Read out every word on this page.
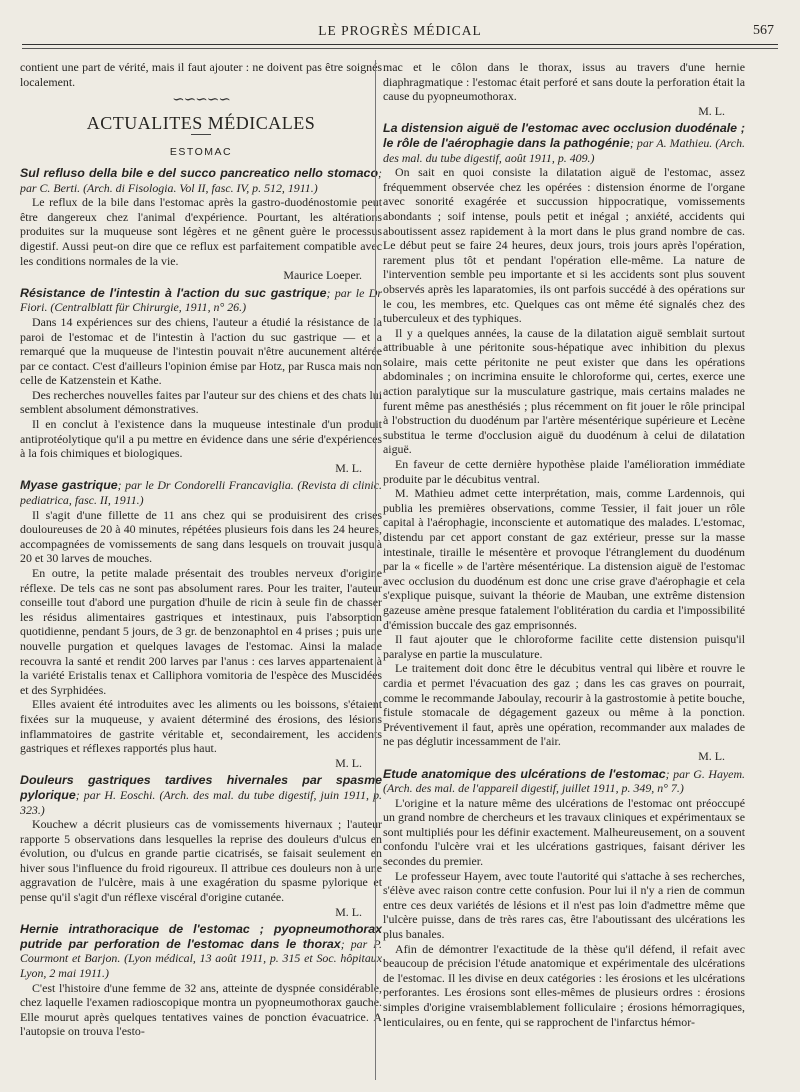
LE PROGRÈS MÉDICAL	567

contient une part de vérité, mais il faut ajouter : ne doivent pas être soignés localement.

∽∽∽∽∽
ACTUALITES MÉDICALES
ESTOMAC

Sul refluso della bile e del succo pancreatico nello stomaco; par C. Berti. (Arch. di Fisologia. Vol II, fasc. IV, p. 512, 1911.)

Le reflux de la bile dans l'estomac après la gastro-duodénostomie peut être dangereux chez l'animal d'expérience. Pourtant, les altérations produites sur la muqueuse sont légères et ne gênent guère le processus digestif. Aussi peut-on dire que ce reflux est parfaitement compatible avec les conditions normales de la vie.

Maurice Loeper.

Résistance de l'intestin à l'action du suc gastrique; par le Dr Fiori. (Centralblatt für Chirurgie, 1911, n° 26.)

Dans 14 expériences sur des chiens, l'auteur a étudié la résistance de la paroi de l'estomac et de l'intestin à l'action du suc gastrique — et a remarqué que la muqueuse de l'intestin pouvait n'être aucunement altérée par ce contact. C'est d'ailleurs l'opinion émise par Hotz, par Rusca mais non celle de Katzenstein et Kathe.

Des recherches nouvelles faites par l'auteur sur des chiens et des chats lui semblent absolument démonstratives.

Il en conclut à l'existence dans la muqueuse intestinale d'un produit antiprotéolytique qu'il a pu mettre en évidence dans une série d'expériences à la fois chimiques et biologiques.

M. L.

Myase gastrique; par le Dr Condorelli Francaviglia. (Revista di clinic. pediatrica, fasc. II, 1911.)

Il s'agit d'une fillette de 11 ans chez qui se produisirent des crises douloureuses de 20 à 40 minutes, répétées plusieurs fois dans les 24 heures, accompagnées de vomissements de sang dans lesquels on trouvait jusqu'à 20 et 30 larves de mouches.

En outre, la petite malade présentait des troubles nerveux d'origine réflexe. De tels cas ne sont pas absolument rares. Pour les traiter, l'auteur conseille tout d'abord une purgation d'huile de ricin à seule fin de chasser les résidus alimentaires gastriques et intestinaux, puis l'absorption quotidienne, pendant 5 jours, de 3 gr. de benzonaphtol en 4 prises ; puis une nouvelle purgation et quelques lavages de l'estomac. Ainsi la malade recouvra la santé et rendit 200 larves par l'anus : ces larves appartenaient à la variété Eristalis tenax et Calliphora vomitoria de l'espèce des Muscidées et des Syrphidées.

Elles avaient été introduites avec les aliments ou les boissons, s'étaient fixées sur la muqueuse, y avaient déterminé des érosions, des lésions inflammatoires de gastrite véritable et, secondairement, les accidents gastriques et réflexes rapportés plus haut.

M. L.

Douleurs gastriques tardives hivernales par spasme pylorique; par H. Eoschi. (Arch. des mal. du tube digestif, juin 1911, p. 323.)

Kouchew a décrit plusieurs cas de vomissements hivernaux ; l'auteur rapporte 5 observations dans lesquelles la reprise des douleurs d'ulcus en évolution, ou d'ulcus en grande partie cicatrisés, se faisait seulement en hiver sous l'influence du froid rigoureux. Il attribue ces douleurs non à une aggravation de l'ulcère, mais à une exagération du spasme pylorique et pense qu'il s'agit d'un réflexe viscéral d'origine cutanée.

M. L.

Hernie intrathoracique de l'estomac ; pyopneumothorax putride par perforation de l'estomac dans le thorax; par P. Courmont et Barjon. (Lyon médical, 13 août 1911, p. 315 et Soc. hôpitaux Lyon, 2 mai 1911.)

C'est l'histoire d'une femme de 32 ans, atteinte de dyspnée considérable, chez laquelle l'examen radioscopique montra un pyopneumothorax gauche. Elle mourut après quelques tentatives vaines de ponction évacuatrice. A l'autopsie on trouva l'esto-

mac et le côlon dans le thorax, issus au travers d'une hernie diaphragmatique : l'estomac était perforé et sans doute la perforation était la cause du pyopneumothorax.

M. L.

La distension aiguë de l'estomac avec occlusion duodénale ; le rôle de l'aérophagie dans la pathogénie; par A. Mathieu. (Arch. des mal. du tube digestif, août 1911, p. 409.)

On sait en quoi consiste la dilatation aiguë de l'estomac, assez fréquemment observée chez les opérées : distension énorme de l'organe avec sonorité exagérée et succussion hippocratique, vomissements abondants ; soif intense, pouls petit et inégal ; anxiété, accidents qui aboutissent assez rapidement à la mort dans le plus grand nombre de cas. Le début peut se faire 24 heures, deux jours, trois jours après l'opération, rarement plus tôt et pendant l'opération elle-même. La nature de l'intervention semble peu importante et si les accidents sont plus souvent observés après les laparatomies, ils ont parfois succédé à des opérations sur le cou, les membres, etc. Quelques cas ont même été signalés chez des tuberculeux et des typhiques.

Il y a quelques années, la cause de la dilatation aiguë semblait surtout attribuable à une péritonite sous-hépatique avec inhibition du plexus solaire, mais cette péritonite ne peut exister que dans les opérations abdominales ; on incrimina ensuite le chloroforme qui, certes, exerce une action paralytique sur la musculature gastrique, mais certains malades ne furent même pas anesthésiés ; plus récemment on fit jouer le rôle principal à l'obstruction du duodénum par l'artère mésentérique supérieure et Lecène substitua le terme d'occlusion aiguë du duodénum à celui de dilatation aiguë.

En faveur de cette dernière hypothèse plaide l'amélioration immédiate produite par le décubitus ventral.

M. Mathieu admet cette interprétation, mais, comme Lardennois, qui publia les premières observations, comme Tessier, il fait jouer un rôle capital à l'aérophagie, inconsciente et automatique des malades. L'estomac, distendu par cet apport constant de gaz extérieur, presse sur la masse intestinale, tiraille le mésentère et provoque l'étranglement du duodénum par la « ficelle » de l'artère mésentérique. La distension aiguë de l'estomac avec occlusion du duodénum est donc une crise grave d'aérophagie et cela s'explique puisque, suivant la théorie de Mauban, une extrême distension gazeuse amène presque fatalement l'oblitération du cardia et l'impossibilité d'émission buccale des gaz emprisonnés.

Il faut ajouter que le chloroforme facilite cette distension puisqu'il paralyse en partie la musculature.

Le traitement doit donc être le décubitus ventral qui libère et rouvre le cardia et permet l'évacuation des gaz ; dans les cas graves on pourrait, comme le recommande Jaboulay, recourir à la gastrostomie à petite bouche, fistule stomacale de dégagement gazeux ou même à la ponction. Préventivement il faut, après une opération, recommander aux malades de ne pas déglutir incessamment de l'air.

M. L.

Etude anatomique des ulcérations de l'estomac; par G. Hayem. (Arch. des mal. de l'appareil digestif, juillet 1911, p. 349, n° 7.)

L'origine et la nature même des ulcérations de l'estomac ont préoccupé un grand nombre de chercheurs et les travaux cliniques et expérimentaux se sont multipliés pour les définir exactement. Malheureusement, on a souvent confondu l'ulcère vrai et les ulcérations gastriques, faisant dériver les secondes du premier.

Le professeur Hayem, avec toute l'autorité qui s'attache à ses recherches, s'élève avec raison contre cette confusion. Pour lui il n'y a rien de commun entre ces deux variétés de lésions et il n'est pas loin d'admettre même que l'ulcère puisse, dans de très rares cas, être l'aboutissant des ulcérations les plus banales.

Afin de démontrer l'exactitude de la thèse qu'il défend, il refait avec beaucoup de précision l'étude anatomique et expérimentale des ulcérations de l'estomac. Il les divise en deux catégories : les érosions et les ulcérations perforantes. Les érosions sont elles-mêmes de plusieurs ordres : érosions simples d'origine vraisemblablement folliculaire ; érosions hémorragiques, lenticulaires, ou en fente, qui se rapprochent de l'infarctus hémor-
